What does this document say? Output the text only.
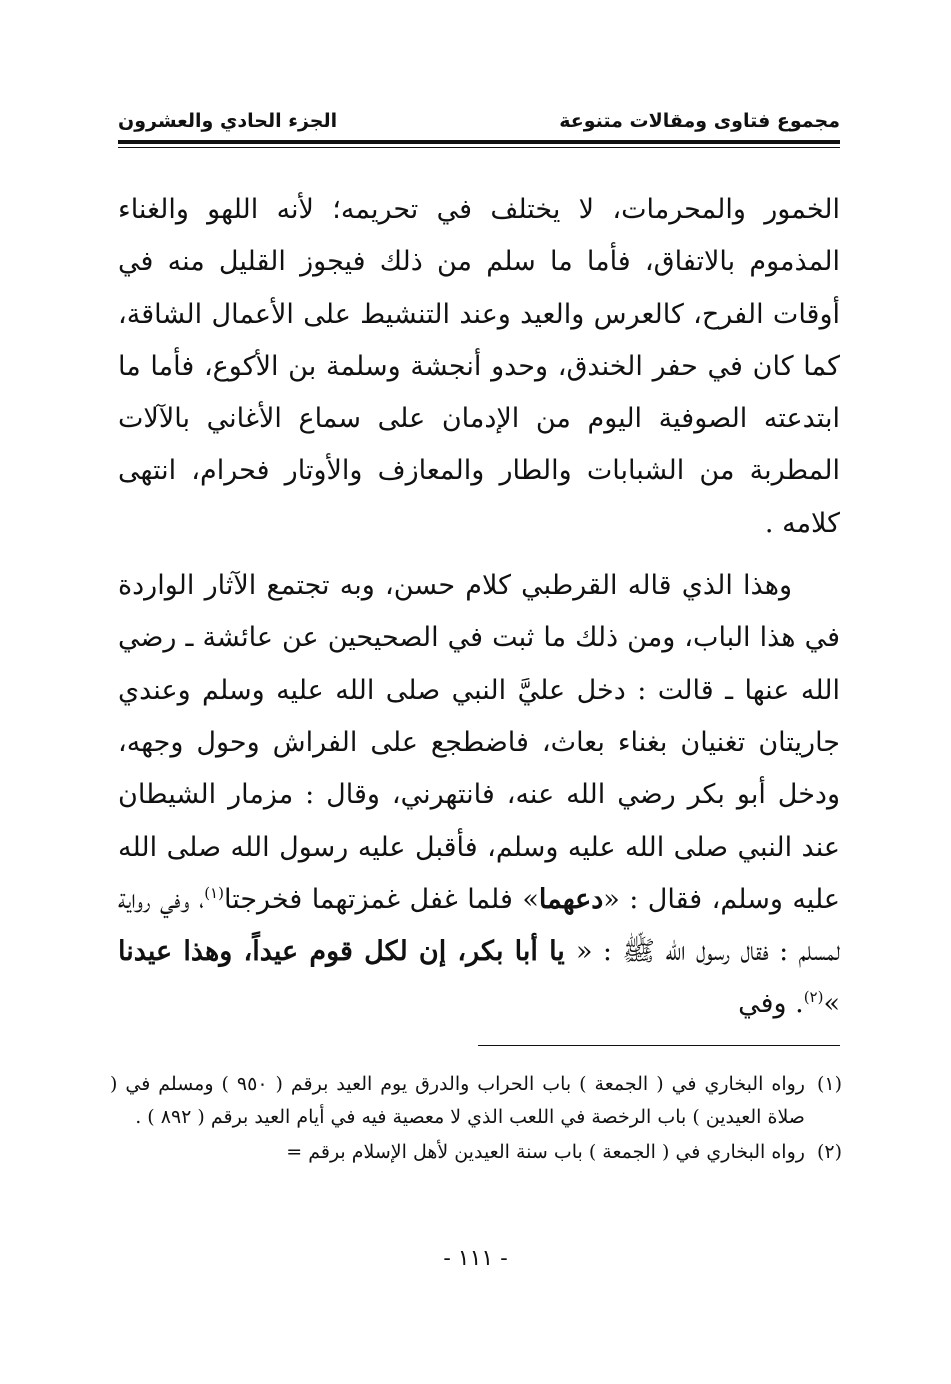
مجموع فتاوى ومقالات متنوعة
الجزء الحادي والعشرون

الخمور والمحرمات، لا يختلف في تحريمه؛ لأنه اللهو والغناء المذموم بالاتفاق، فأما ما سلم من ذلك فيجوز القليل منه في أوقات الفرح، كالعرس والعيد وعند التنشيط على الأعمال الشاقة، كما كان في حفر الخندق، وحدو أنجشة وسلمة بن الأكوع، فأما ما ابتدعته الصوفية اليوم من الإدمان على سماع الأغاني بالآلات المطربة من الشبابات والطار والمعازف والأوتار فحرام، انتهى كلامه .

وهذا الذي قاله القرطبي كلام حسن، وبه تجتمع الآثار الواردة في هذا الباب، ومن ذلك ما ثبت في الصحيحين عن عائشة ـ رضي الله عنها ـ قالت : دخل عليَّ النبي صلى الله عليه وسلم وعندي جاريتان تغنيان بغناء بعاث، فاضطجع على الفراش وحول وجهه، ودخل أبو بكر رضي الله عنه، فانتهرني، وقال : مزمار الشيطان عند النبي صلى الله عليه وسلم، فأقبل عليه رسول الله صلى الله عليه وسلم، فقال : «دعهما» فلما غفل غمزتهما فخرجتا$^{(١)}$، وفي رواية لمسلم : فقال رسول الله ﷺ : « يا أبا بكر، إن لكل قوم عيداً، وهذا عيدنا »$^{(٢)}$. وفي

(١)
رواه البخاري في ( الجمعة ) باب الحراب والدرق يوم العيد برقم ( ٩٥٠ ) ومسلم في ( صلاة العيدين ) باب الرخصة في اللعب الذي لا معصية فيه في أيام العيد برقم ( ٨٩٢ ) .

(٢)
رواه البخاري في ( الجمعة ) باب سنة العيدين لأهل الإسلام برقم =

- ١١١ -
